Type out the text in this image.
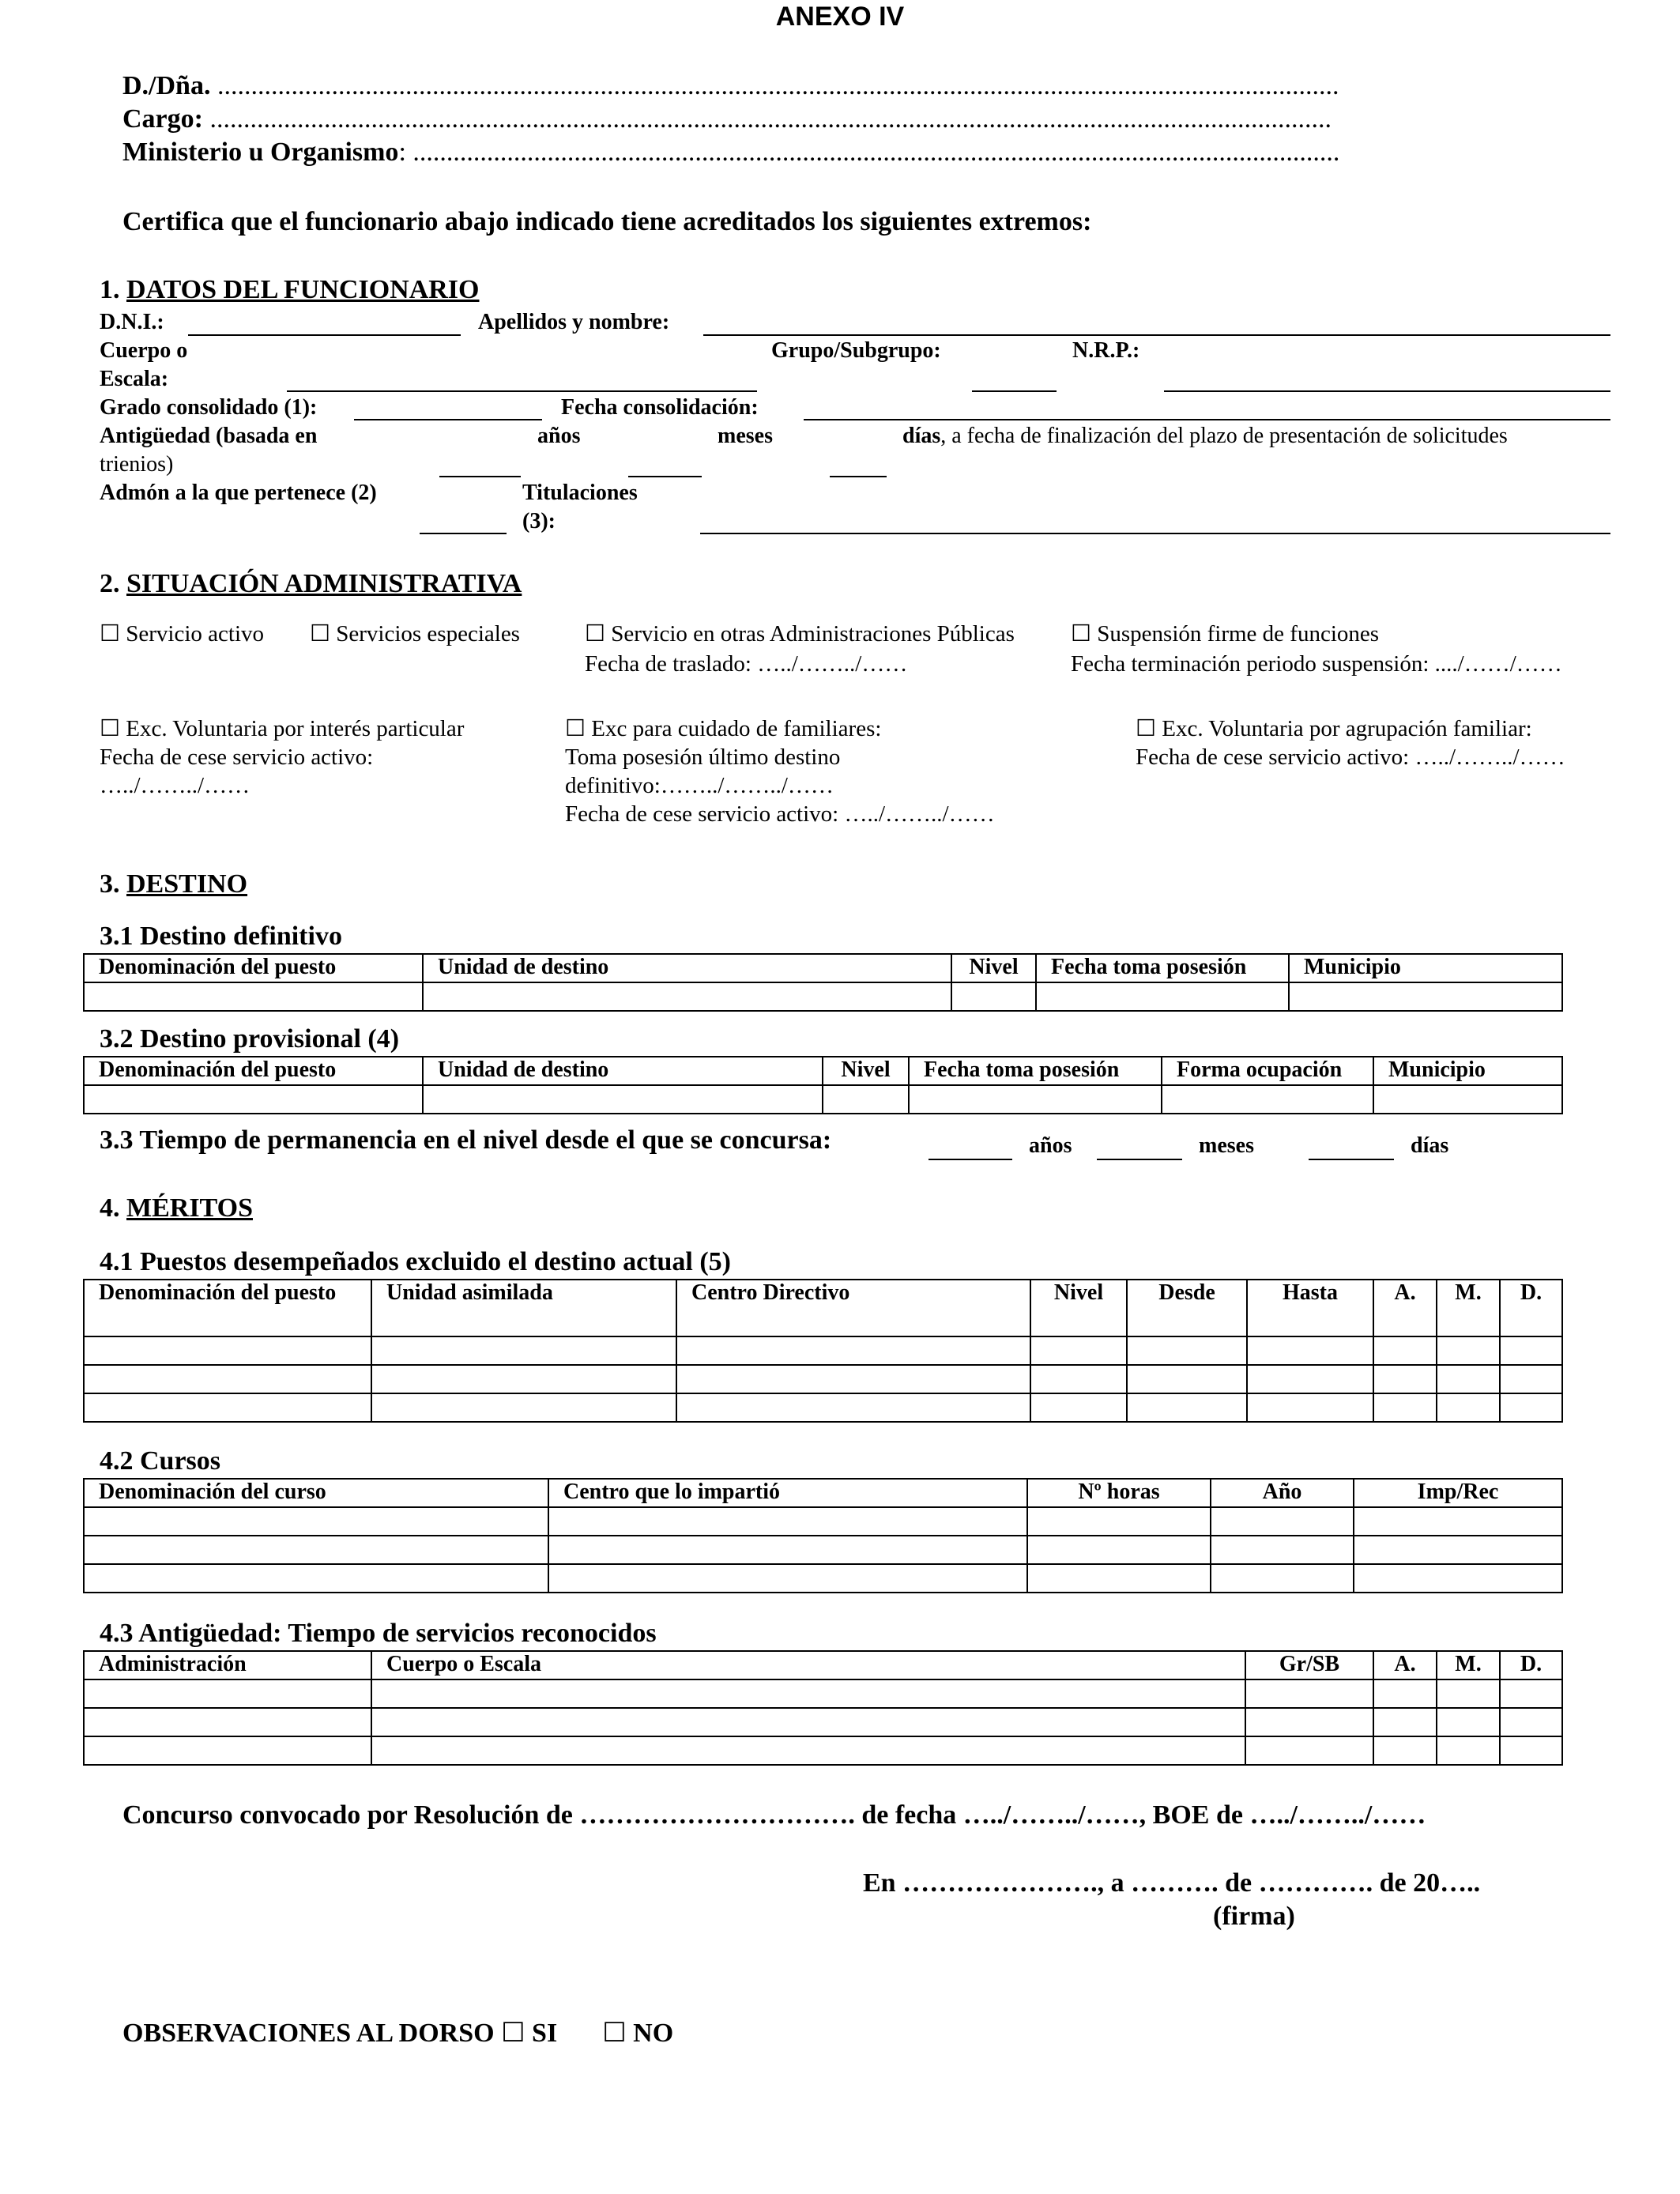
ANEXO IV
D./Dña. .......................................................................................................................................................................
Cargo: .......................................................................................................................................................................
Ministerio u Organismo: ..........................................................................................................................................
Certifica que el funcionario abajo indicado tiene acreditados los siguientes extremos:
1. DATOS DEL FUNCIONARIO
D.N.I.:	Apellidos y nombre:
Cuerpo o
Escala:
Grupo/Subgrupo:	N.R.P.:
Grado consolidado (1):	Fecha consolidación:
Antigüedad (basada en
trienios)
años	meses	días, a fecha de finalización del plazo de presentación de solicitudes
Admón a la que pertenece (2)	Titulaciones
(3):
2. SITUACIÓN ADMINISTRATIVA
☐ Servicio activo ☐ Servicios especiales	☐ Servicio en otras Administraciones Públicas
Fecha de traslado: …../……../……
☐ Suspensión firme de funciones
Fecha terminación periodo suspensión: ..../……/……
☐ Exc. Voluntaria por interés particular
Fecha de cese servicio activo:
…../……../……
☐ Exc para cuidado de familiares:
Toma posesión último destino
definitivo:……../……../……
Fecha de cese servicio activo: …../……../……
☐ Exc. Voluntaria por agrupación familiar:
Fecha de cese servicio activo: …../……../……
3. DESTINO
3.1 Destino definitivo
Denominación del puesto	Unidad de destino	Nivel	Fecha toma posesión	Municipio

3.2 Destino provisional (4)
Denominación del puesto	Unidad de destino	Nivel	Fecha toma posesión	Forma ocupación	Municipio

3.3 Tiempo de permanencia en el nivel desde el que se concursa:	años	meses	días
4. MÉRITOS
4.1 Puestos desempeñados excluido el destino actual (5)
Denominación del puesto	Unidad asimilada	Centro Directivo	Nivel	Desde	Hasta	A.	M.	D.

4.2 Cursos
Denominación del curso	Centro que lo impartió	Nº horas	Año	Imp/Rec

4.3 Antigüedad: Tiempo de servicios reconocidos
Administración	Cuerpo o Escala	Gr/SB	A.	M.	D.

Concurso convocado por Resolución de …………………………. de fecha …../……../……, BOE de …../……../……
En …………………., a ………. de …………. de 20…..
(firma)
OBSERVACIONES AL DORSO ☐ SI ☐ NO
